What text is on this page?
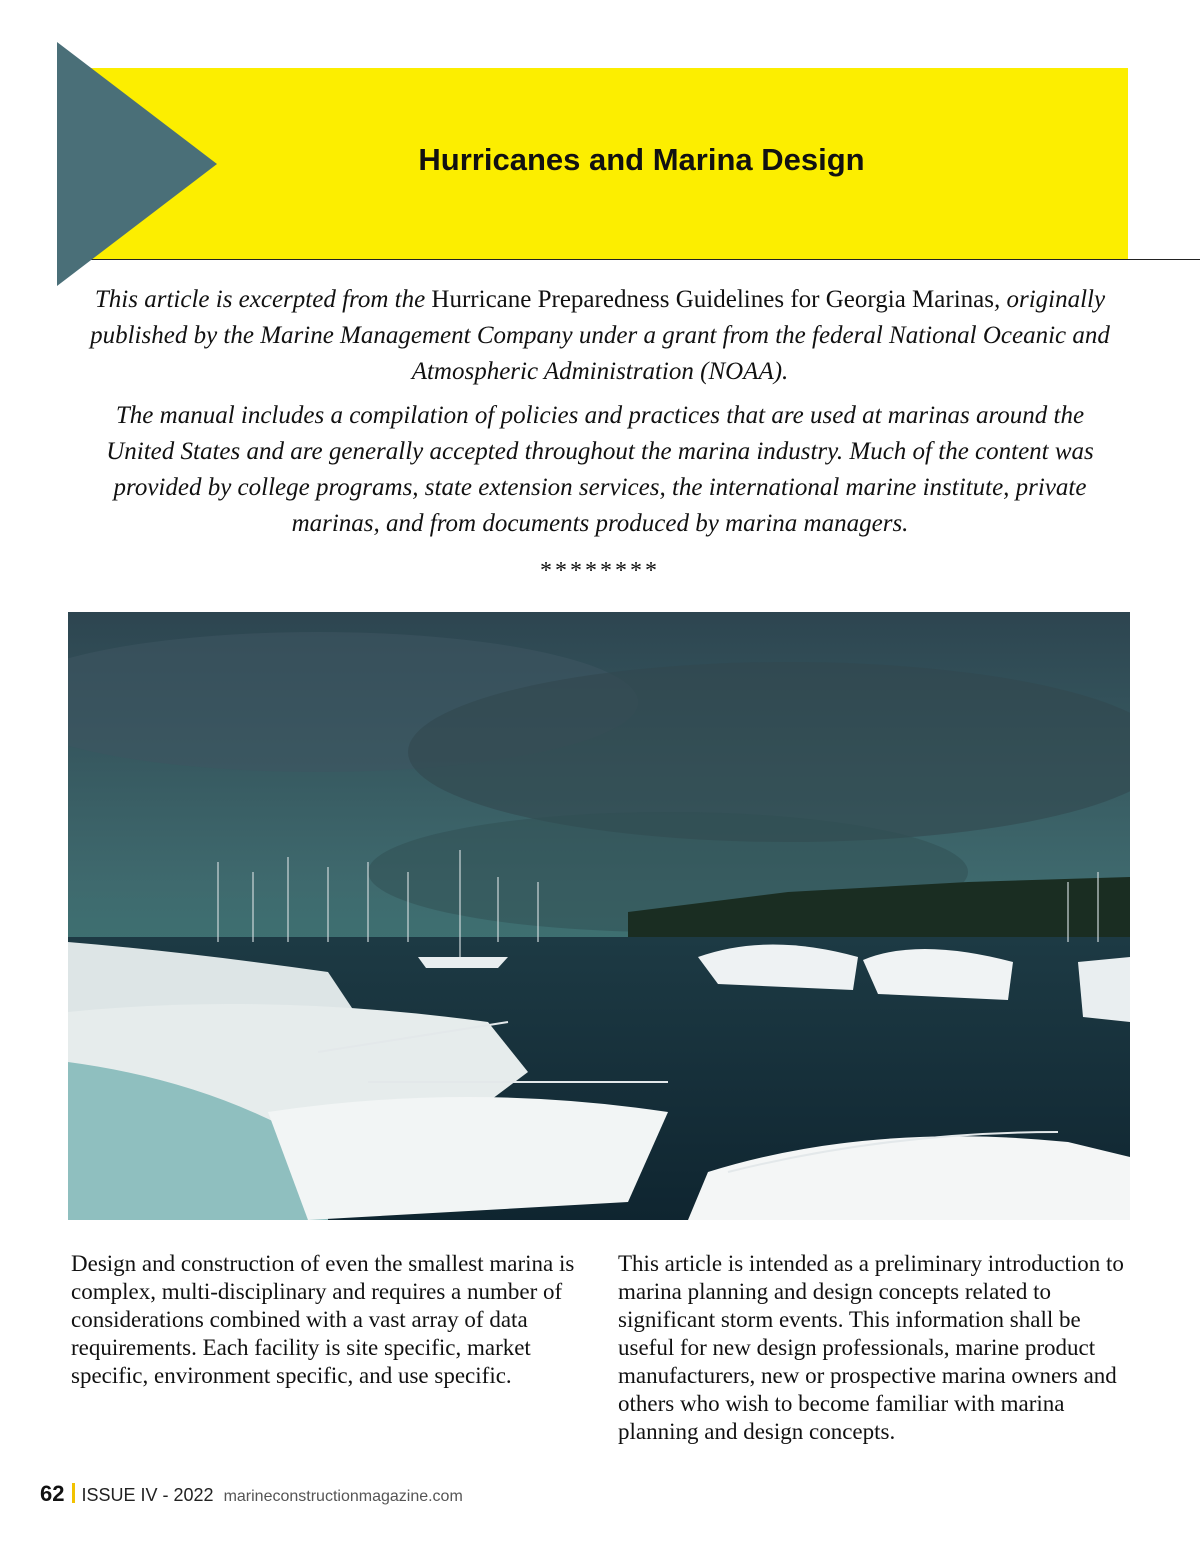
Hurricanes and Marina Design

This article is excerpted from the Hurricane Preparedness Guidelines for Georgia Marinas, originally published by the Marine Management Company under a grant from the federal National Oceanic and Atmospheric Administration (NOAA).

The manual includes a compilation of policies and practices that are used at marinas around the United States and are generally accepted throughout the marina industry. Much of the content was provided by college programs, state extension services, the international marine institute, private marinas, and from documents produced by marina managers.

********

Design and construction of even the smallest marina is complex, multi-disciplinary and requires a number of considerations combined with a vast array of data requirements. Each facility is site specific, market specific, environment specific, and use specific.

This article is intended as a preliminary introduction to marina planning and design concepts related to significant storm events. This information shall be useful for new design professionals, marine product manufacturers, new or prospective marina owners and others who wish to become familiar with marina planning and design concepts.

62 ISSUE IV - 2022 marineconstructionmagazine.com
